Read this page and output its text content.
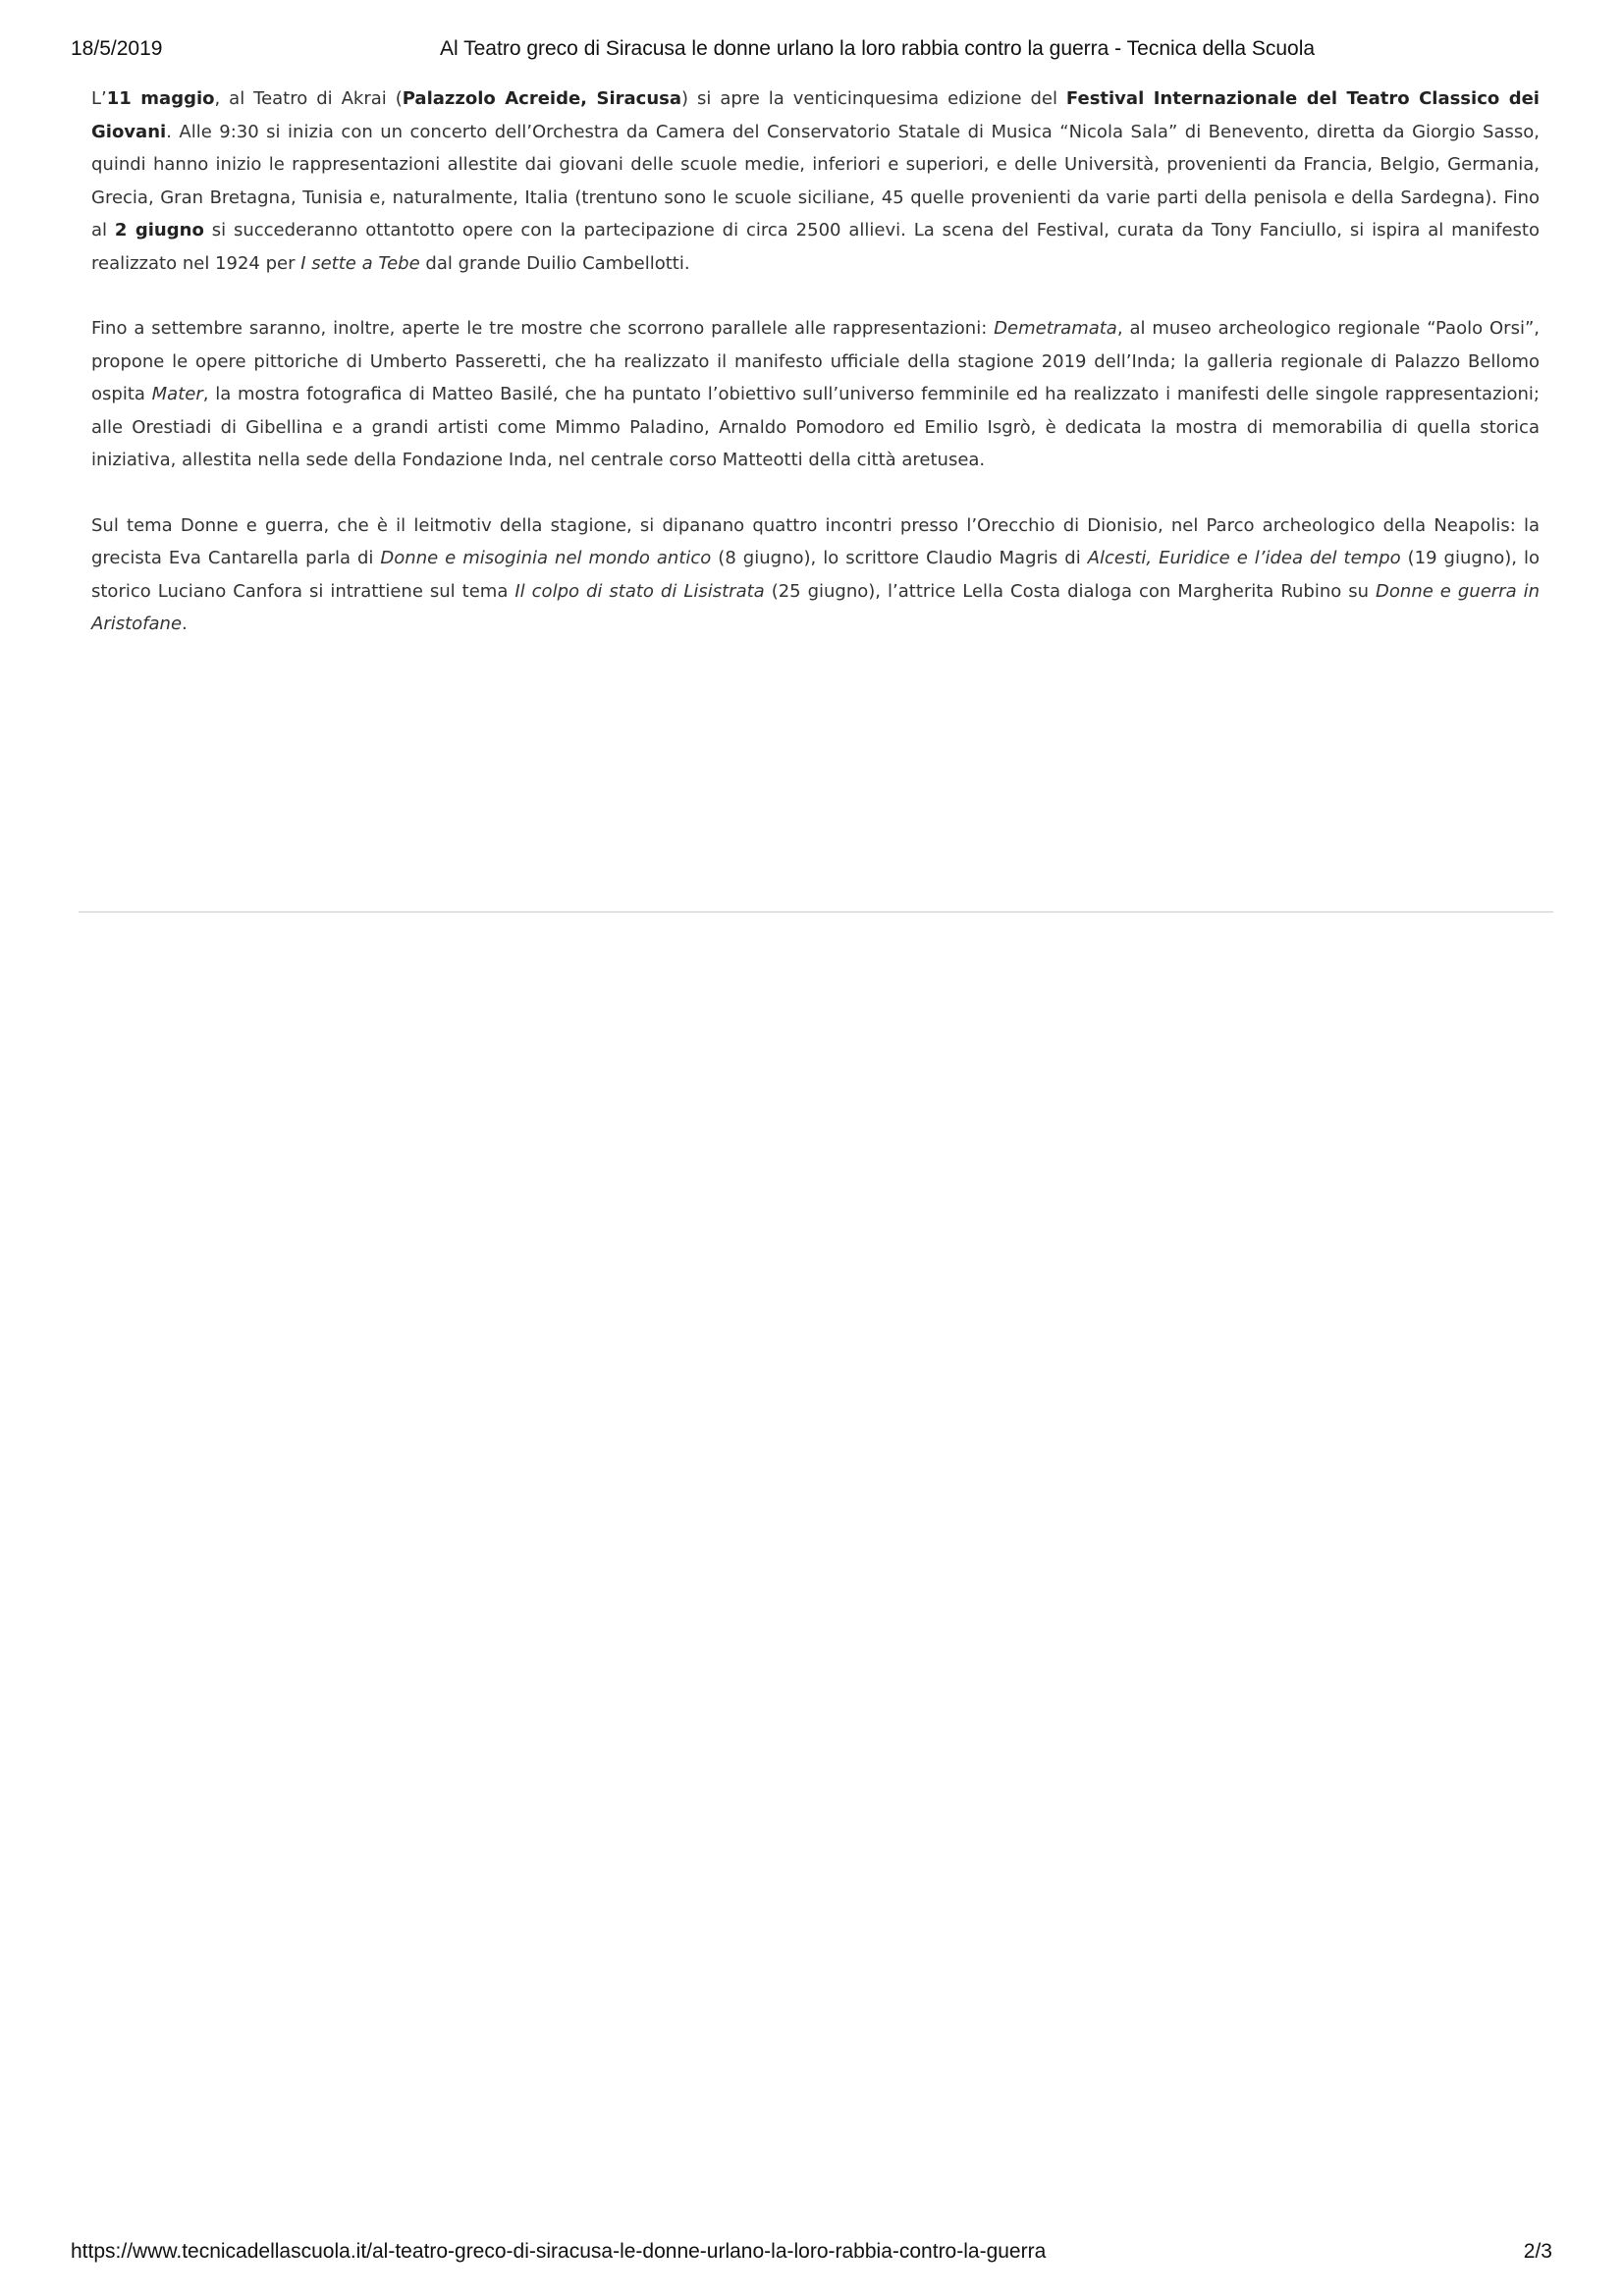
18/5/2019	Al Teatro greco di Siracusa le donne urlano la loro rabbia contro la guerra - Tecnica della Scuola

L’11 maggio, al Teatro di Akrai (Palazzolo Acreide, Siracusa) si apre la venticinquesima edizione del Festival Internazionale del Teatro Classico dei Giovani. Alle 9:30 si inizia con un concerto dell’Orchestra da Camera del Conservatorio Statale di Musica “Nicola Sala” di Benevento, diretta da Giorgio Sasso, quindi hanno inizio le rappresentazioni allestite dai giovani delle scuole medie, inferiori e superiori, e delle Università, provenienti da Francia, Belgio, Germania, Grecia, Gran Bretagna, Tunisia e, naturalmente, Italia (trentuno sono le scuole siciliane, 45 quelle provenienti da varie parti della penisola e della Sardegna). Fino al 2 giugno si succederanno ottantotto opere con la partecipazione di circa 2500 allievi. La scena del Festival, curata da Tony Fanciullo, si ispira al manifesto realizzato nel 1924 per I sette a Tebe dal grande Duilio Cambellotti.

Fino a settembre saranno, inoltre, aperte le tre mostre che scorrono parallele alle rappresentazioni: Demetramata, al museo archeologico regionale “Paolo Orsi”, propone le opere pittoriche di Umberto Passeretti, che ha realizzato il manifesto ufficiale della stagione 2019 dell’Inda; la galleria regionale di Palazzo Bellomo ospita Mater, la mostra fotografica di Matteo Basilé, che ha puntato l’obiettivo sull’universo femminile ed ha realizzato i manifesti delle singole rappresentazioni; alle Orestiadi di Gibellina e a grandi artisti come Mimmo Paladino, Arnaldo Pomodoro ed Emilio Isgrò, è dedicata la mostra di memorabilia di quella storica iniziativa, allestita nella sede della Fondazione Inda, nel centrale corso Matteotti della città aretusea.

Sul tema Donne e guerra, che è il leitmotiv della stagione, si dipanano quattro incontri presso l’Orecchio di Dionisio, nel Parco archeologico della Neapolis: la grecista Eva Cantarella parla di Donne e misoginia nel mondo antico (8 giugno), lo scrittore Claudio Magris di Alcesti, Euridice e l’idea del tempo (19 giugno), lo storico Luciano Canfora si intrattiene sul tema Il colpo di stato di Lisistrata (25 giugno), l’attrice Lella Costa dialoga con Margherita Rubino su Donne e guerra in Aristofane.

https://www.tecnicadellascuola.it/al-teatro-greco-di-siracusa-le-donne-urlano-la-loro-rabbia-contro-la-guerra	2/3
